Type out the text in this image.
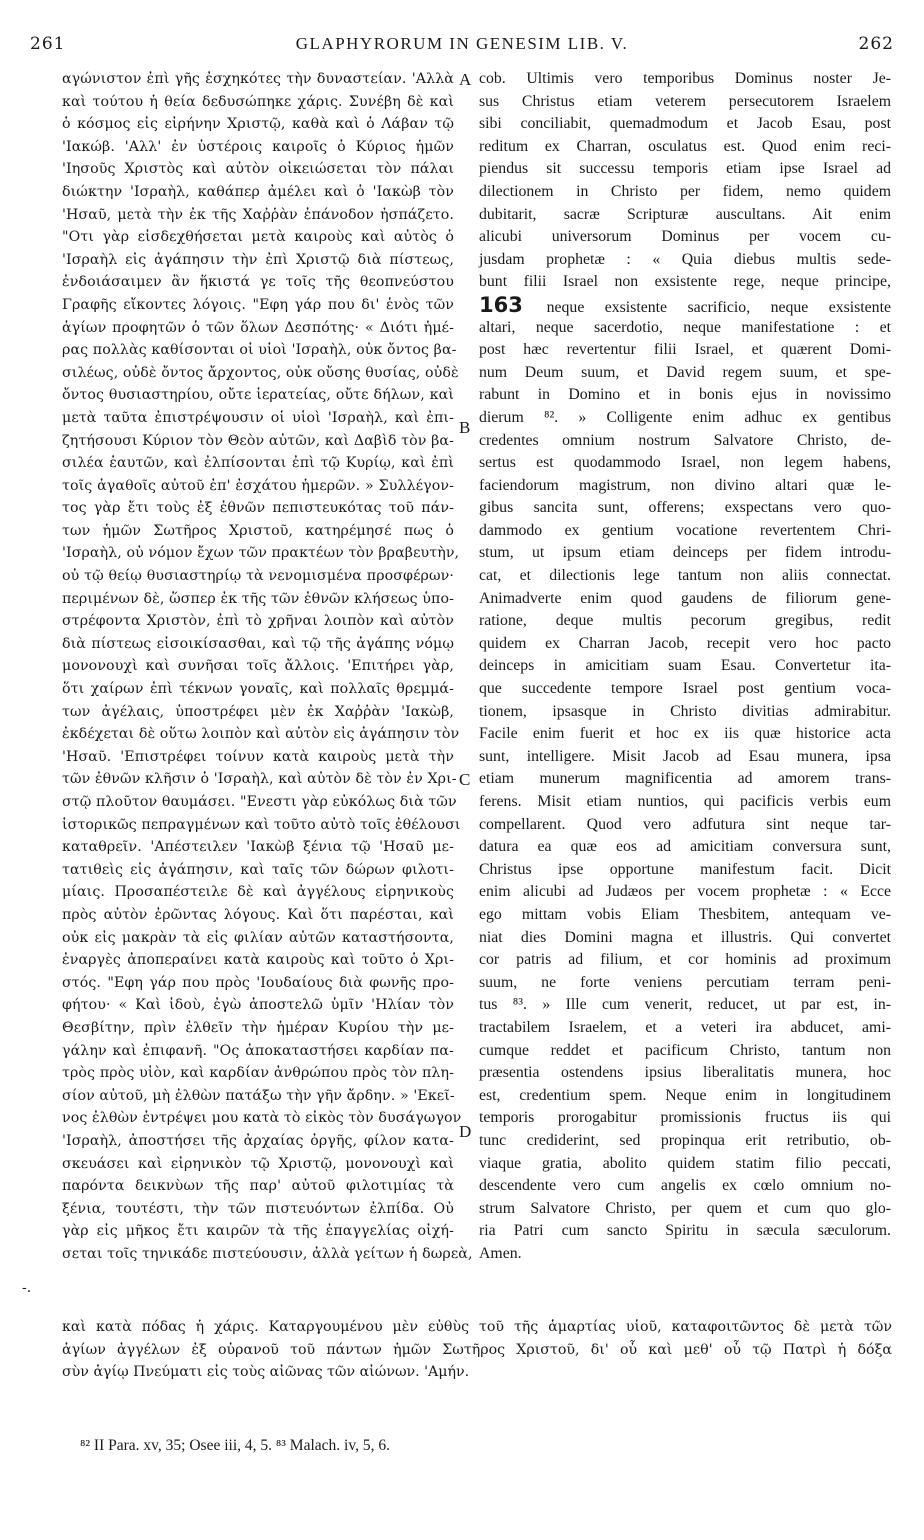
261	GLAPHYRORUM IN GENESIM LIB. V.	262
αγώνιστον ἐπὶ γῆς ἐσχηκότες τὴν δυναστείαν. 'Αλλὰ
καὶ τούτου ἡ θεία δεδυσώπηκε χάρις. Συνέβη δὲ καὶ
ὁ κόσμος εἰς εἰρήνην Χριστῷ, καθὰ καὶ ὁ Λάβαν τῷ
'Ιακώβ. 'Αλλ' ἐν ὑστέροις καιροῖς ὁ Κύριος ἡμῶν
'Ιησοῦς Χριστὸς καὶ αὐτὸν οἰκειώσεται τὸν πάλαι
διώκτην 'Ισραὴλ, καθάπερ ἀμέλει καὶ ὁ 'Ιακὼβ τὸν
'Ησαῦ, μετὰ τὴν ἐκ τῆς Χαῤῥὰν ἐπάνοδον ἠσπάζετο.
"Οτι γὰρ εἰσδεχθήσεται μετὰ καιροὺς καὶ αὐτὸς ὁ
'Ισραὴλ εἰς ἀγάπησιν τὴν ἐπὶ Χριστῷ διὰ πίστεως,
ἐνδοιάσαιμεν ἂν ἥκιστά γε τοῖς τῆς θεοπνεύστου
Γραφῆς εἴκοντες λόγοις. "Εφη γάρ που δι' ἑνὸς τῶν
ἁγίων προφητῶν ὁ τῶν ὅλων Δεσπότης· « Διότι ἡμέ-
ρας πολλὰς καθίσονται οἱ υἱοὶ 'Ισραὴλ, οὐκ ὄντος βα-
σιλέως, οὐδὲ ὄντος ἄρχοντος, οὐκ οὔσης θυσίας, οὐδὲ
ὄντος θυσιαστηρίου, οὔτε ἱερατείας, οὔτε δήλων, καὶ
μετὰ ταῦτα ἐπιστρέψουσιν οἱ υἱοὶ 'Ισραὴλ, καὶ ἐπι-
ζητήσουσι Κύριον τὸν Θεὸν αὐτῶν, καὶ Δαβὶδ τὸν βα-
σιλέα ἑαυτῶν, καὶ ἐλπίσονται ἐπὶ τῷ Κυρίῳ, καὶ ἐπὶ
τοῖς ἀγαθοῖς αὐτοῦ ἐπ' ἐσχάτου ἡμερῶν. » Συλλέγον-
τος γὰρ ἔτι τοὺς ἐξ ἐθνῶν πεπιστευκότας τοῦ πάν-
των ἡμῶν Σωτῆρος Χριστοῦ, κατηρέμησέ πως ὁ
'Ισραὴλ, οὐ νόμον ἔχων τῶν πρακτέων τὸν βραβευτὴν,
οὐ τῷ θείῳ θυσιαστηρίῳ τὰ νενομισμένα προσφέρων·
περιμένων δὲ, ὥσπερ ἐκ τῆς τῶν ἐθνῶν κλήσεως ὑπο-
στρέφοντα Χριστὸν, ἐπὶ τὸ χρῆναι λοιπὸν καὶ αὐτὸν
διὰ πίστεως εἰσοικίσασθαι, καὶ τῷ τῆς ἀγάπης νόμῳ
μονονουχὶ καὶ συνῆσαι τοῖς ἄλλοις. 'Επιτήρει γὰρ,
ὅτι χαίρων ἐπὶ τέκνων γοναῖς, καὶ πολλαῖς θρεμμά-
των ἀγέλαις, ὑποστρέφει μὲν ἐκ Χαῤῥὰν 'Ιακὼβ,
ἐκδέχεται δὲ οὕτω λοιπὸν καὶ αὐτὸν εἰς ἀγάπησιν τὸν
'Ησαῦ. 'Επιστρέφει τοίνυν κατὰ καιροὺς μετὰ τὴν
τῶν ἐθνῶν κλῆσιν ὁ 'Ισραὴλ, καὶ αὐτὸν δὲ τὸν ἐν Χρι-
στῷ πλοῦτον θαυμάσει. "Ενεστι γὰρ εὐκόλως διὰ τῶν
ἱστορικῶς πεπραγμένων καὶ τοῦτο αὐτὸ τοῖς ἐθέλουσι
καταθρεῖν. 'Απέστειλεν 'Ιακὼβ ξένια τῷ 'Ησαῦ με-
τατιθεὶς εἰς ἀγάπησιν, καὶ ταῖς τῶν δώρων φιλοτι-
μίαις. Προσαπέστειλε δὲ καὶ ἀγγέλους εἰρηνικοὺς
πρὸς αὐτὸν ἐρῶντας λόγους. Καὶ ὅτι παρέσται, καὶ
οὐκ εἰς μακρὰν τὰ εἰς φιλίαν αὐτῶν καταστήσοντα,
ἐναργὲς ἀποπεραίνει κατὰ καιροὺς καὶ τοῦτο ὁ Χρι-
στός. "Εφη γάρ που πρὸς 'Ιουδαίους διὰ φωνῆς προ-
φήτου· « Καὶ ἰδοὺ, ἐγὼ ἀποστελῶ ὑμῖν 'Ηλίαν τὸν
Θεσβίτην, πρὶν ἐλθεῖν τὴν ἡμέραν Κυρίου τὴν με-
γάλην καὶ ἐπιφανῆ. "Ος ἀποκαταστήσει καρδίαν πα-
τρὸς πρὸς υἱὸν, καὶ καρδίαν ἀνθρώπου πρὸς τὸν πλη-
σίον αὐτοῦ, μὴ ἐλθὼν πατάξω τὴν γῆν ἄρδην. » 'Εκεῖ-
νος ἐλθὼν ἐντρέψει μου κατὰ τὸ εἰκὸς τὸν δυσάγωγον
'Ισραὴλ, ἀποστήσει τῆς ἀρχαίας ὀργῆς, φίλον κατα-
σκευάσει καὶ εἰρηνικὸν τῷ Χριστῷ, μονονουχὶ καὶ
παρόντα δεικνὺων τῆς παρ' αὐτοῦ φιλοτιμίας τὰ
ξένια, τουτέστι, τὴν τῶν πιστευόντων ἐλπίδα. Οὐ
γὰρ εἰς μῆκος ἔτι καιρῶν τὰ τῆς ἐπαγγελίας οἰχή-
σεται τοῖς τηνικάδε πιστεύουσιν, ἀλλὰ γείτων ἡ δωρεὰ,
cob. Ultimis vero temporibus Dominus noster Je-
sus Christus etiam veterem persecutorem Israelem
sibi conciliabit, quemadmodum et Jacob Esau, post
reditum ex Charran, osculatus est. Quod enim reci-
piendus sit successu temporis etiam ipse Israel ad
dilectionem in Christo per fidem, nemo quidem
dubitarit, sacræ Scripturæ auscultans. Ait enim
alicubi universorum Dominus per vocem cu-
jusdam prophetæ : « Quia diebus multis sede-
bunt filii Israel non exsistente rege, neque principe,
163 neque exsistente sacrificio, neque exsistente
altari, neque sacerdotio, neque manifestatione : et
post hæc revertentur filii Israel, et quærent Domi-
num Deum suum, et David regem suum, et spe-
rabunt in Domino et in bonis ejus in novissimo
dierum ⁸². » Colligente enim adhuc ex gentibus
credentes omnium nostrum Salvatore Christo, de-
sertus est quodammodo Israel, non legem habens,
faciendorum magistrum, non divino altari quæ le-
gibus sancita sunt, offerens; exspectans vero quo-
dammodo ex gentium vocatione revertentem Chri-
stum, ut ipsum etiam deinceps per fidem introdu-
cat, et dilectionis lege tantum non aliis connectat.
Animadverte enim quod gaudens de filiorum gene-
ratione, deque multis pecorum gregibus, redit
quidem ex Charran Jacob, recepit vero hoc pacto
deinceps in amicitiam suam Esau. Convertetur ita-
que succedente tempore Israel post gentium voca-
tionem, ipsasque in Christo divitias admirabitur.
Facile enim fuerit et hoc ex iis quæ historice acta
sunt, intelligere. Misit Jacob ad Esau munera, ipsa
etiam munerum magnificentia ad amorem trans-
ferens. Misit etiam nuntios, qui pacificis verbis eum
compellarent. Quod vero adfutura sint neque tar-
datura ea quæ eos ad amicitiam conversura sunt,
Christus ipse opportune manifestum facit. Dicit
enim alicubi ad Judæos per vocem prophetæ : « Ecce
ego mittam vobis Eliam Thesbitem, antequam ve-
niat dies Domini magna et illustris. Qui convertet
cor patris ad filium, et cor hominis ad proximum
suum, ne forte veniens percutiam terram peni-
tus ⁸³. » Ille cum venerit, reducet, ut par est, in-
tractabilem Israelem, et a veteri ira abducet, ami-
cumque reddet et pacificum Christo, tantum non
præsentia ostendens ipsius liberalitatis munera, hoc
est, credentium spem. Neque enim in longitudinem
temporis prorogabitur promissionis fructus iis qui
tunc crediderint, sed propinqua erit retributio, ob-
viaque gratia, abolito quidem statim filio peccati,
descendente vero cum angelis ex cœlo omnium no-
strum Salvatore Christo, per quem et cum quo glo-
ria Patri cum sancto Spiritu in sæcula sæculorum.
Amen.
A
B
C
D
-.
καὶ κατὰ πόδας ἡ χάρις. Καταργουμένου μὲν εὐθὺς τοῦ τῆς ἁμαρτίας υἱοῦ, καταφοιτῶντος δὲ μετὰ τῶν
ἁγίων ἀγγέλων ἐξ οὐρανοῦ τοῦ πάντων ἡμῶν Σωτῆρος Χριστοῦ, δι' οὗ καὶ μεθ' οὗ τῷ Πατρὶ ἡ δόξα
σὺν ἁγίῳ Πνεύματι εἰς τοὺς αἰῶνας τῶν αἰώνων. 'Αμήν.
⁸² II Para. xv, 35; Osee iii, 4, 5. ⁸³ Malach. iv, 5, 6.
